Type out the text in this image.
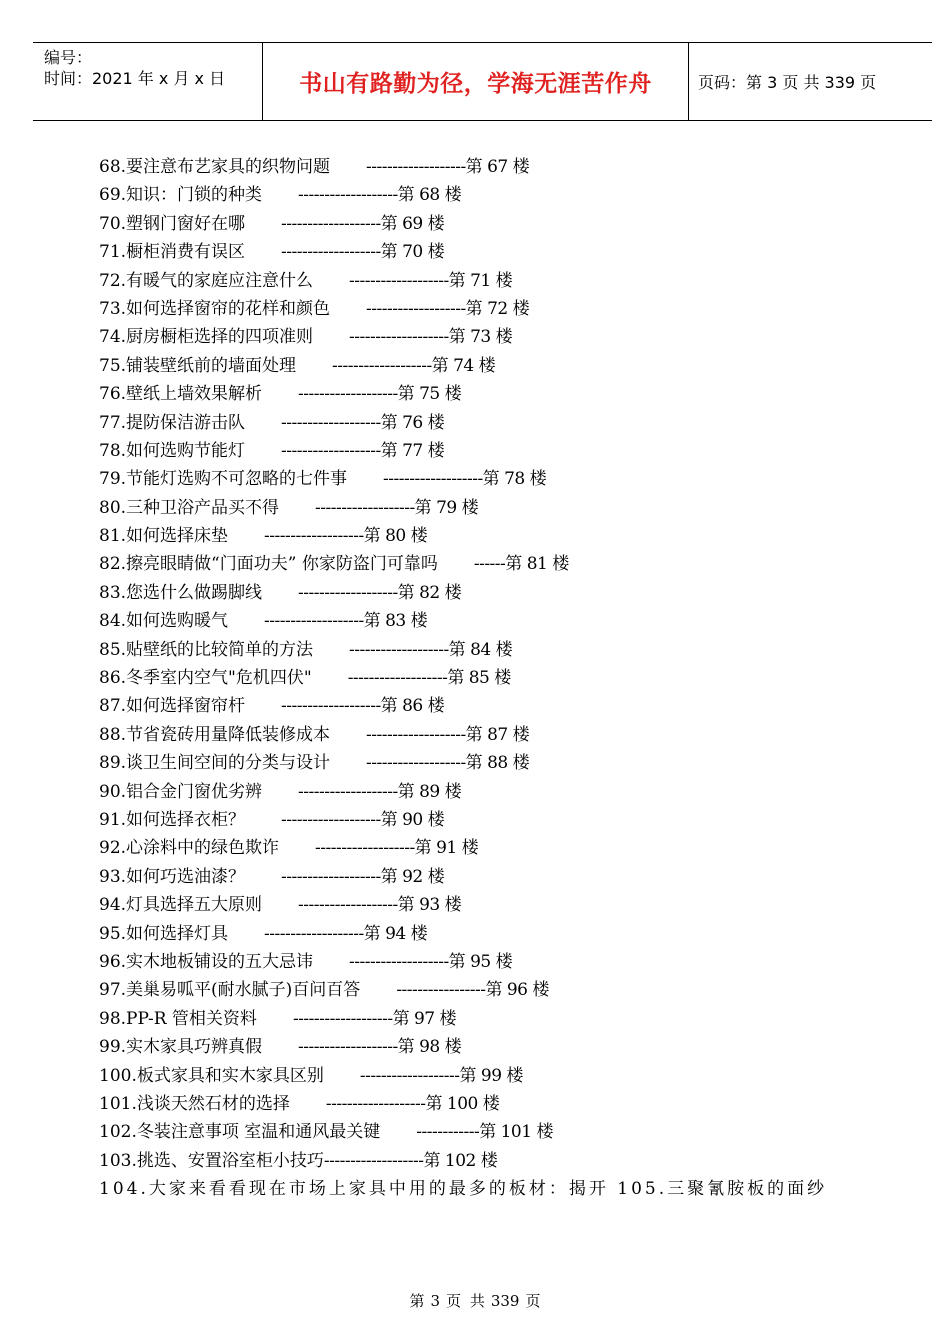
编号：
时间：2021 年 x 月 x 日	书山有路勤为径，学海无涯苦作舟	页码：第 3 页 共 339 页
68.要注意布艺家具的织物问题 -------------------第 67 楼
69.知识：门锁的种类 -------------------第 68 楼
70.塑钢门窗好在哪 -------------------第 69 楼
71.橱柜消费有误区 -------------------第 70 楼
72.有暖气的家庭应注意什么 -------------------第 71 楼
73.如何选择窗帘的花样和颜色 -------------------第 72 楼
74.厨房橱柜选择的四项准则 -------------------第 73 楼
75.铺装壁纸前的墙面处理 -------------------第 74 楼
76.壁纸上墙效果解析 -------------------第 75 楼
77.提防保洁游击队 -------------------第 76 楼
78.如何选购节能灯 -------------------第 77 楼
79.节能灯选购不可忽略的七件事 -------------------第 78 楼
80.三种卫浴产品买不得 -------------------第 79 楼
81.如何选择床垫 -------------------第 80 楼
82.擦亮眼睛做“门面功夫” 你家防盗门可靠吗 ------第 81 楼
83.您选什么做踢脚线 -------------------第 82 楼
84.如何选购暖气 -------------------第 83 楼
85.贴壁纸的比较简单的方法 -------------------第 84 楼
86.冬季室内空气"危机四伏" -------------------第 85 楼
87.如何选择窗帘杆 -------------------第 86 楼
88.节省瓷砖用量降低装修成本 -------------------第 87 楼
89.谈卫生间空间的分类与设计 -------------------第 88 楼
90.铝合金门窗优劣辨 -------------------第 89 楼
91.如何选择衣柜？ -------------------第 90 楼
92.心涂料中的绿色欺诈 -------------------第 91 楼
93.如何巧选油漆？ -------------------第 92 楼
94.灯具选择五大原则 -------------------第 93 楼
95.如何选择灯具 -------------------第 94 楼
96.实木地板铺设的五大忌讳 -------------------第 95 楼
97.美巢易呱平(耐水腻子)百问百答 -----------------第 96 楼
98.PP-R 管相关资料 -------------------第 97 楼
99.实木家具巧辨真假 -------------------第 98 楼
100.板式家具和实木家具区别 -------------------第 99 楼
101.浅谈天然石材的选择 -------------------第 100 楼
102.冬装注意事项 室温和通风最关键 ------------第 101 楼
103.挑选、安置浴室柜小技巧-------------------第 102 楼
104.大家来看看现在市场上家具中用的最多的板材：揭开 105.三聚氰胺板的面纱
第 3 页 共 339 页
